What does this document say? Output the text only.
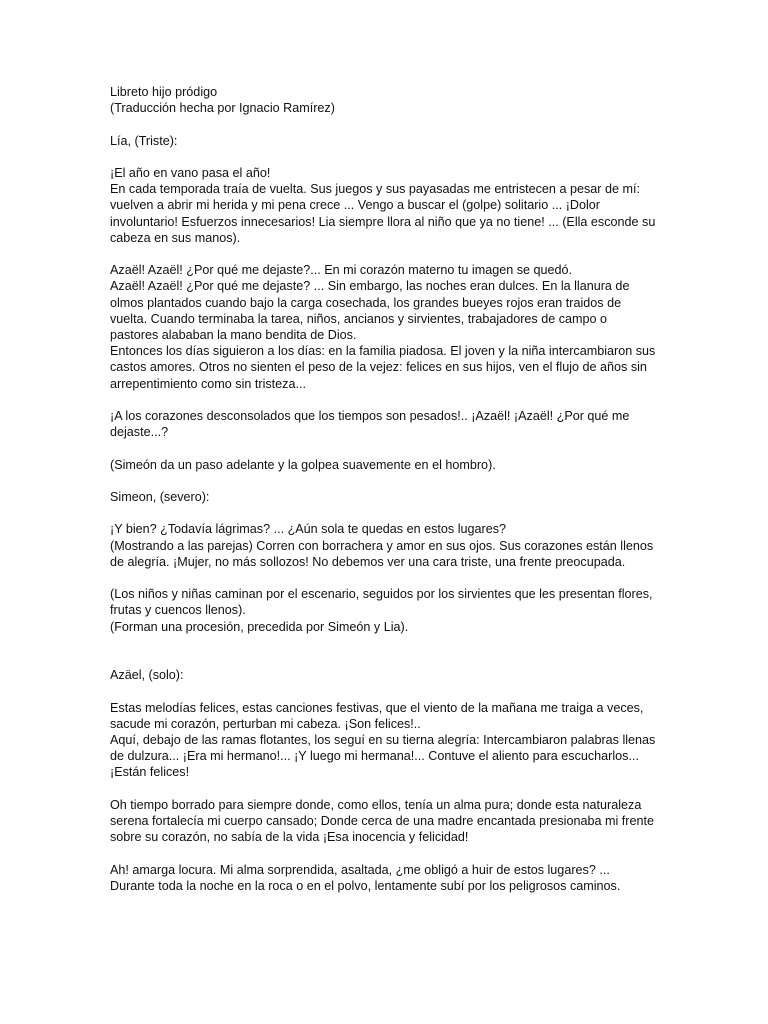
Libreto hijo pródigo
(Traducción hecha por Ignacio Ramírez)
Lía, (Triste):
¡El año en vano pasa el año!
En cada temporada traía de vuelta. Sus juegos y sus payasadas me entristecen a pesar de mí: vuelven a abrir mi herida y mi pena crece ... Vengo a buscar el (golpe) solitario ... ¡Dolor involuntario! Esfuerzos innecesarios! Lia siempre llora al niño que ya no tiene! ... (Ella esconde su cabeza en sus manos).
Azaël! Azaël! ¿Por qué me dejaste?... En mi corazón materno tu imagen se quedó.
Azaël! Azaël! ¿Por qué me dejaste? ... Sin embargo, las noches eran dulces. En la llanura de olmos plantados cuando bajo la carga cosechada, los grandes bueyes rojos eran traidos de vuelta. Cuando terminaba la tarea, niños, ancianos y sirvientes, trabajadores de campo o pastores alababan la mano bendita de Dios.
Entonces los días siguieron a los días: en la familia piadosa. El joven y la niña intercambiaron sus castos amores. Otros no sienten el peso de la vejez: felices en sus hijos, ven el flujo de años sin arrepentimiento como sin tristeza...
¡A los corazones desconsolados que los tiempos son pesados!.. ¡Azaël! ¡Azaël! ¿Por qué me dejaste...?
(Simeón da un paso adelante y la golpea suavemente en el hombro).
Simeon, (severo):
¡Y bien? ¿Todavía lágrimas? ... ¿Aún sola te quedas en estos lugares?
(Mostrando a las parejas) Corren con borrachera y amor en sus ojos. Sus corazones están llenos de alegría. ¡Mujer, no más sollozos! No debemos ver una cara triste, una frente preocupada.
(Los niños y niñas caminan por el escenario, seguidos por los sirvientes que les presentan flores, frutas y cuencos llenos).
(Forman una procesión, precedida por Simeón y Lia).
Azäel, (solo):
Estas melodías felices, estas canciones festivas, que el viento de la mañana me traiga a veces, sacude mi corazón, perturban mi cabeza. ¡Son felices!..
Aquí, debajo de las ramas flotantes, los seguí en su tierna alegría: Intercambiaron palabras llenas de dulzura... ¡Era mi hermano!... ¡Y luego mi hermana!... Contuve el aliento para escucharlos... ¡Están felices!
Oh tiempo borrado para siempre donde, como ellos, tenía un alma pura; donde esta naturaleza serena fortalecía mi cuerpo cansado; Donde cerca de una madre encantada presionaba mi frente sobre su corazón, no sabía de la vida ¡Esa inocencia y felicidad!
Ah! amarga locura. Mi alma sorprendida, asaltada, ¿me obligó a huir de estos lugares? ... Durante toda la noche en la roca o en el polvo, lentamente subí por los peligrosos caminos.
